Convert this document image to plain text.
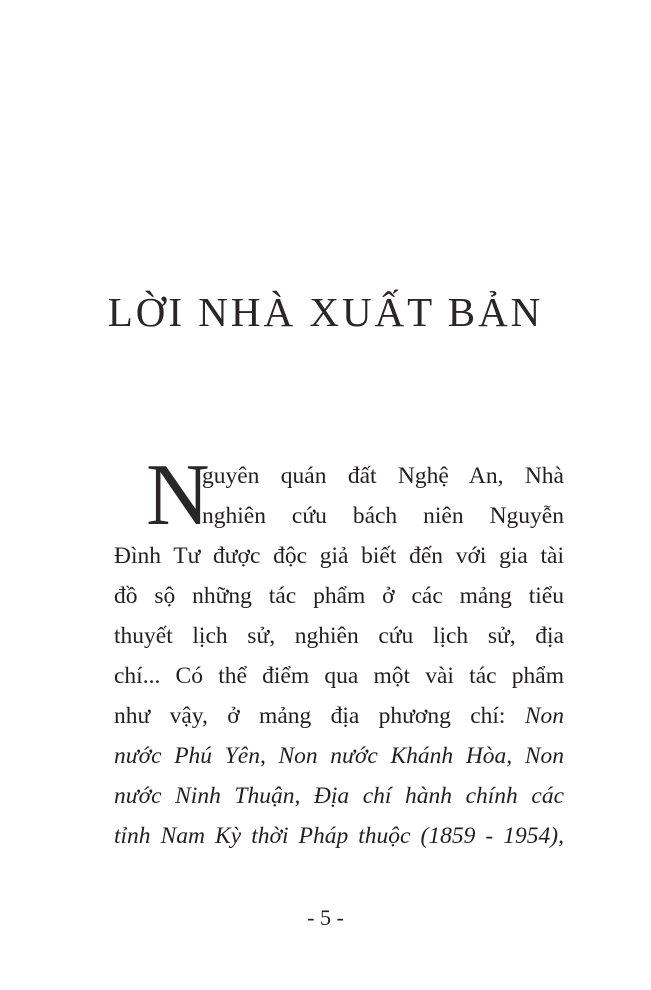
LỜI NHÀ XUẤT BẢN
N
guyên quán đất Nghệ An, Nhà
nghiên cứu bách niên Nguyễn
Đình Tư được độc giả biết đến với gia tài
đồ sộ những tác phẩm ở các mảng tiểu
thuyết lịch sử, nghiên cứu lịch sử, địa
chí... Có thể điểm qua một vài tác phẩm
như vậy, ở mảng địa phương chí: Non
nước Phú Yên, Non nước Khánh Hòa, Non
nước Ninh Thuận, Địa chí hành chính các
tỉnh Nam Kỳ thời Pháp thuộc (1859 - 1954),
- 5 -
